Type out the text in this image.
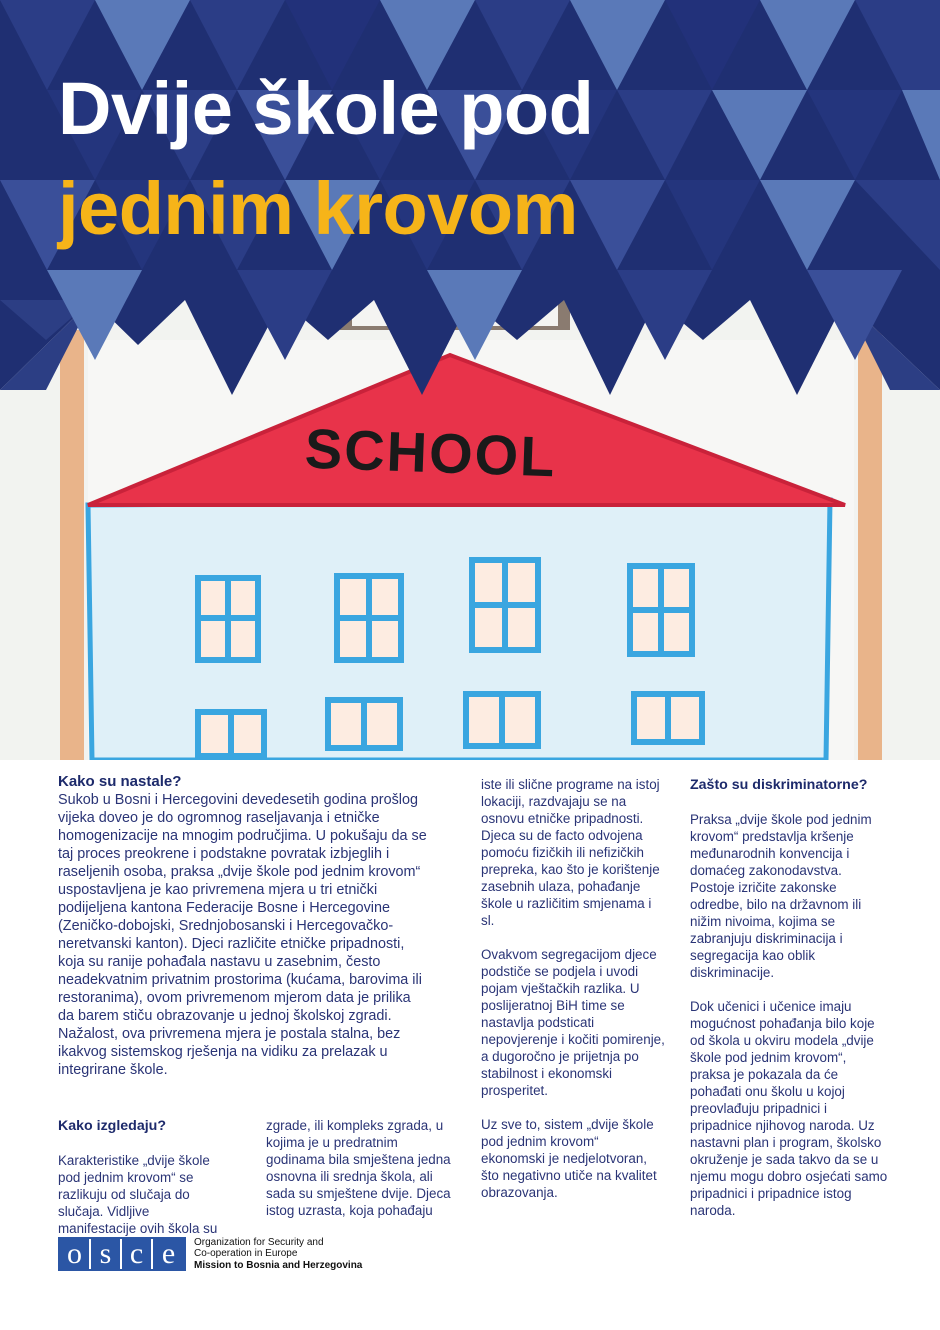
SCHOOL
Dvije škole pod
jednim krovom

Kako su nastale?

Sukob u Bosni i Hercegovini devedesetih godina prošlog vijeka doveo je do ogromnog raseljavanja i etničke homogenizacije na mnogim područjima. U pokušaju da se taj proces preokrene i podstakne povratak izbjeglih i raseljenih osoba, praksa „dvije škole pod jednim krovom“ uspostavljena je kao privremena mjera u tri etnički podijeljena kantona Federacije Bosne i Hercegovine (Zeničko-dobojski, Srednjobosanski i Hercegovačko-neretvanski kanton). Djeci različite etničke pripadnosti, koja su ranije pohađala nastavu u zasebnim, često neadekvatnim privatnim prostorima (kućama, barovima ili restoranima), ovom privremenom mjerom data je prilika da barem stiču obrazovanje u jednoj školskoj zgradi. Nažalost, ova privremena mjera je postala stalna, bez ikakvog sistemskog rješenja na vidiku za prelazak u integrirane škole.

Kako izgledaju?

Karakteristike „dvije škole pod jednim krovom“ se razlikuju od slučaja do slučaja. Vidljive manifestacije ovih škola su

zgrade, ili kompleks zgrada, u kojima je u predratnim godinama bila smještena jedna osnovna ili srednja škola, ali sada su smještene dvije. Djeca istog uzrasta, koja pohađaju

iste ili slične programe na istoj lokaciji, razdvajaju se na osnovu etničke pripadnosti. Djeca su de facto odvojena pomoću fizičkih ili nefizičkih prepreka, kao što je korištenje zasebnih ulaza, pohađanje škole u različitim smjenama i sl.

Ovakvom segregacijom djece podstiče se podjela i uvodi pojam vještačkih razlika. U poslijeratnoj BiH time se nastavlja podsticati nepovjerenje i kočiti pomirenje, a dugoročno je prijetnja po stabilnost i ekonomski prosperitet.

Uz sve to, sistem „dvije škole pod jednim krovom“ ekonomski je nedjelotvoran, što negativno utiče na kvalitet obrazovanja.

Zašto su diskriminatorne?

Praksa „dvije škole pod jednim krovom“ predstavlja kršenje međunarodnih konvencija i domaćeg zakonodavstva. Postoje izričite zakonske odredbe, bilo na državnom ili nižim nivoima, kojima se zabranjuju diskriminacija i segregacija kao oblik diskriminacije.

Dok učenici i učenice imaju mogućnost pohađanja bilo koje od škola u okviru modela „dvije škole pod jednim krovom“, praksa je pokazala da će pohađati onu školu u kojoj preovlađuju pripadnici i pripadnice njihovog naroda. Uz nastavni plan i program, školsko okruženje je sada takvo da se u njemu mogu dobro osjećati samo pripadnici i pripadnice istog naroda.

o s c e	Organization for Security and
Co-operation in Europe
Mission to Bosnia and Herzegovina
